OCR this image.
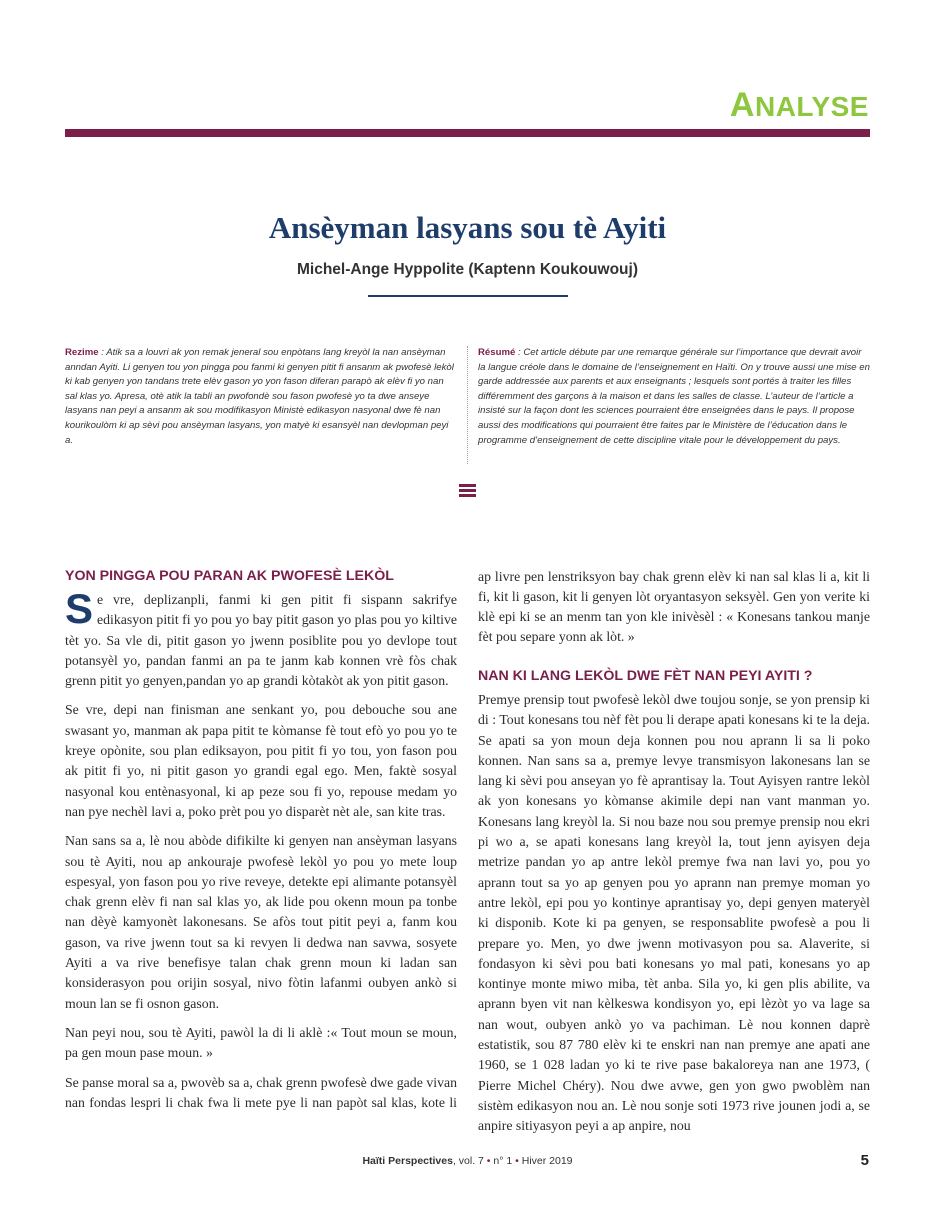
ANALYSE
Ansèyman lasyans sou tè Ayiti
Michel-Ange Hyppolite (Kaptenn Koukouwouj)
Rezime : Atik sa a louvri ak yon remak jeneral sou enpòtans lang kreyòl la nan ansèyman anndan Ayiti. Li genyen tou yon pingga pou fanmi ki genyen pitit fi ansanm ak pwofesè lekòl ki kab genyen yon tandans trete elèv gason yo yon fason diferan parapò ak elèv fi yo nan sal klas yo. Apresa, otè atik la tabli an pwofondè sou fason pwofesè yo ta dwe anseye lasyans nan peyi a ansanm ak sou modifikasyon Ministè edikasyon nasyonal dwe fè nan kourikoulòm ki ap sèvi pou ansèyman lasyans, yon matyè ki esansyèl nan devlopman peyi a.
Résumé : Cet article débute par une remarque générale sur l’importance que devrait avoir la langue créole dans le domaine de l’enseignement en Haïti. On y trouve aussi une mise en garde addressée aux parents et aux enseignants ; lesquels sont portés à traiter les filles différemment des garçons à la maison et dans les salles de classe. L’auteur de l’article a insisté sur la façon dont les sciences pourraient être enseignées dans le pays. Il propose aussi des modifications qui pourraient être faites par le Ministère de l’éducation dans le programme d’enseignement de cette discipline vitale pour le développement du pays.
YON PINGGA POU PARAN AK PWOFESÈ LEKÒL

Se vre, deplizanpli, fanmi ki gen pitit fi sispann sakrifye edikasyon pitit fi yo pou yo bay pitit gason yo plas pou yo kiltive tèt yo. Sa vle di, pitit gason yo jwenn posiblite pou yo devlope tout potansyèl yo, pandan fanmi an pa te janm kab konnen vrè fòs chak grenn pitit yo genyen,pandan yo ap grandi kòtakòt ak yon pitit gason.

Se vre, depi nan finisman ane senkant yo, pou debouche sou ane swasant yo, manman ak papa pitit te kòmanse fè tout efò yo pou yo te kreye opònite, sou plan ediksayon, pou pitit fi yo tou, yon fason pou ak pitit fi yo, ni pitit gason yo grandi egal ego. Men, faktè sosyal nasyonal kou entènasyonal, ki ap peze sou fi yo, repouse medam yo nan pye nechèl lavi a, poko prèt pou yo disparèt nèt ale, san kite tras.

Nan sans sa a, lè nou abòde difikilte ki genyen nan ansèyman lasyans sou tè Ayiti, nou ap ankouraje pwofesè lekòl yo pou yo mete loup espesyal, yon fason pou yo rive reveye, detekte epi alimante potansyèl chak grenn elèv fi nan sal klas yo, ak lide pou okenn moun pa tonbe nan dèyè kamyonèt lakonesans. Se afòs tout pitit peyi a, fanm kou gason, va rive jwenn tout sa ki revyen li dedwa nan savwa, sosyete Ayiti a va rive benefisye talan chak grenn moun ki ladan san konsiderasyon pou orijin sosyal, nivo fòtin lafanmi oubyen ankò si moun lan se fi osnon gason.

Nan peyi nou, sou tè Ayiti, pawòl la di li aklè :« Tout moun se moun, pa gen moun pase moun. »

Se panse moral sa a, pwovèb sa a, chak grenn pwofesè dwe gade vivan nan fondas lespri li chak fwa li mete pye li nan papòt sal klas, kote li

ap livre pen lenstriksyon bay chak grenn elèv ki nan sal klas li a, kit li fi, kit li gason, kit li genyen lòt oryantasyon seksyèl. Gen yon verite ki klè epi ki se an menm tan yon kle inivèsèl : « Konesans tankou manje fèt pou separe yonn ak lòt. »

NAN KI LANG LEKÒL DWE FÈT NAN PEYI AYITI ?

Premye prensip tout pwofesè lekòl dwe toujou sonje, se yon prensip ki di : Tout konesans tou nèf fèt pou li derape apati konesans ki te la deja. Se apati sa yon moun deja konnen pou nou aprann li sa li poko konnen. Nan sans sa a, premye levye transmisyon lakonesans lan se lang ki sèvi pou anseyan yo fè aprantisay la. Tout Ayisyen rantre lekòl ak yon konesans yo kòmanse akimile depi nan vant manman yo. Konesans lang kreyòl la. Si nou baze nou sou premye prensip nou ekri pi wo a, se apati konesans lang kreyòl la, tout jenn ayisyen deja metrize pandan yo ap antre lekòl premye fwa nan lavi yo, pou yo aprann tout sa yo ap genyen pou yo aprann nan premye moman yo antre lekòl, epi pou yo kontinye aprantisay yo, depi genyen materyèl ki disponib. Kote ki pa genyen, se responsablite pwofesè a pou li prepare yo. Men, yo dwe jwenn motivasyon pou sa. Alaverite, si fondasyon ki sèvi pou bati konesans yo mal pati, konesans yo ap kontinye monte miwo miba, tèt anba. Sila yo, ki gen plis abilite, va aprann byen vit nan kèlkeswa kondisyon yo, epi lèzòt yo va lage sa nan wout, oubyen ankò yo va pachiman. Lè nou konnen daprè estatistik, sou 87 780 elèv ki te enskri nan nan premye ane apati ane 1960, se 1 028 ladan yo ki te rive pase bakaloreya nan ane 1973, ( Pierre Michel Chéry). Nou dwe avwe, gen yon gwo pwoblèm nan sistèm edikasyon nou an. Lè nou sonje soti 1973 rive jounen jodi a, se anpire sitiyasyon peyi a ap anpire, nou

Haïti Perspectives, vol. 7 • n° 1 • Hiver 2019	5
